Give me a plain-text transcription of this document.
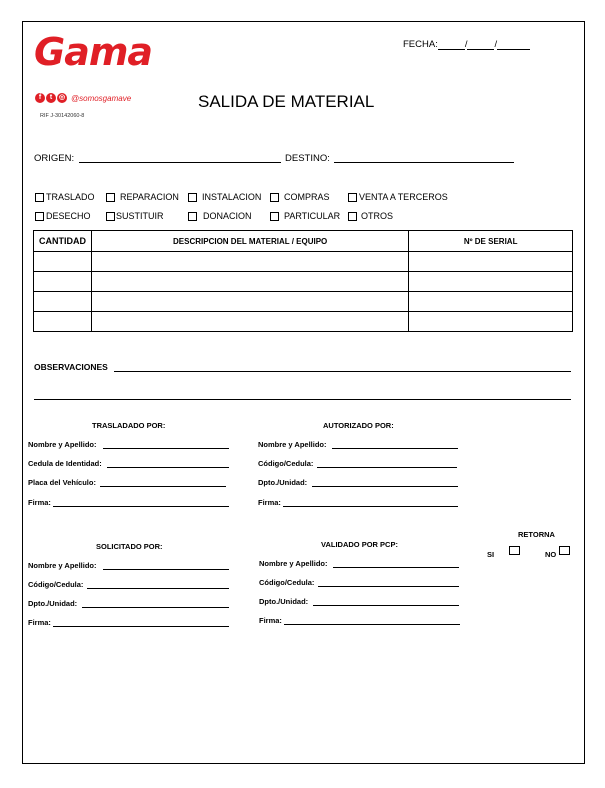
Gama	FECHA:	/	/
f	t ◎ @somosgamave
RIF J-30142060-8
SALIDA DE MATERIAL
ORIGEN:	DESTINO:
TRASLADO	REPARACION	INSTALACION	COMPRAS	VENTA A TERCEROS
DESECHO	SUSTITUIR	DONACION	PARTICULAR OTROS
CANTIDAD	DESCRIPCION DEL MATERIAL / EQUIPO	Nº DE SERIAL

OBSERVACIONES
TRASLADADO POR:
Nombre y Apellido:
Cedula de Identidad:
Placa del Vehículo:
Firma:
AUTORIZADO POR:
Nombre y Apellido:
Código/Cedula:
Dpto./Unidad:
Firma:
SOLICITADO POR:
Nombre y Apellido:
Código/Cedula:
Dpto./Unidad:
Firma:
VALIDADO POR PCP:
Nombre y Apellido:
Código/Cedula:
Dpto./Unidad:
Firma:
RETORNA
SI	NO
